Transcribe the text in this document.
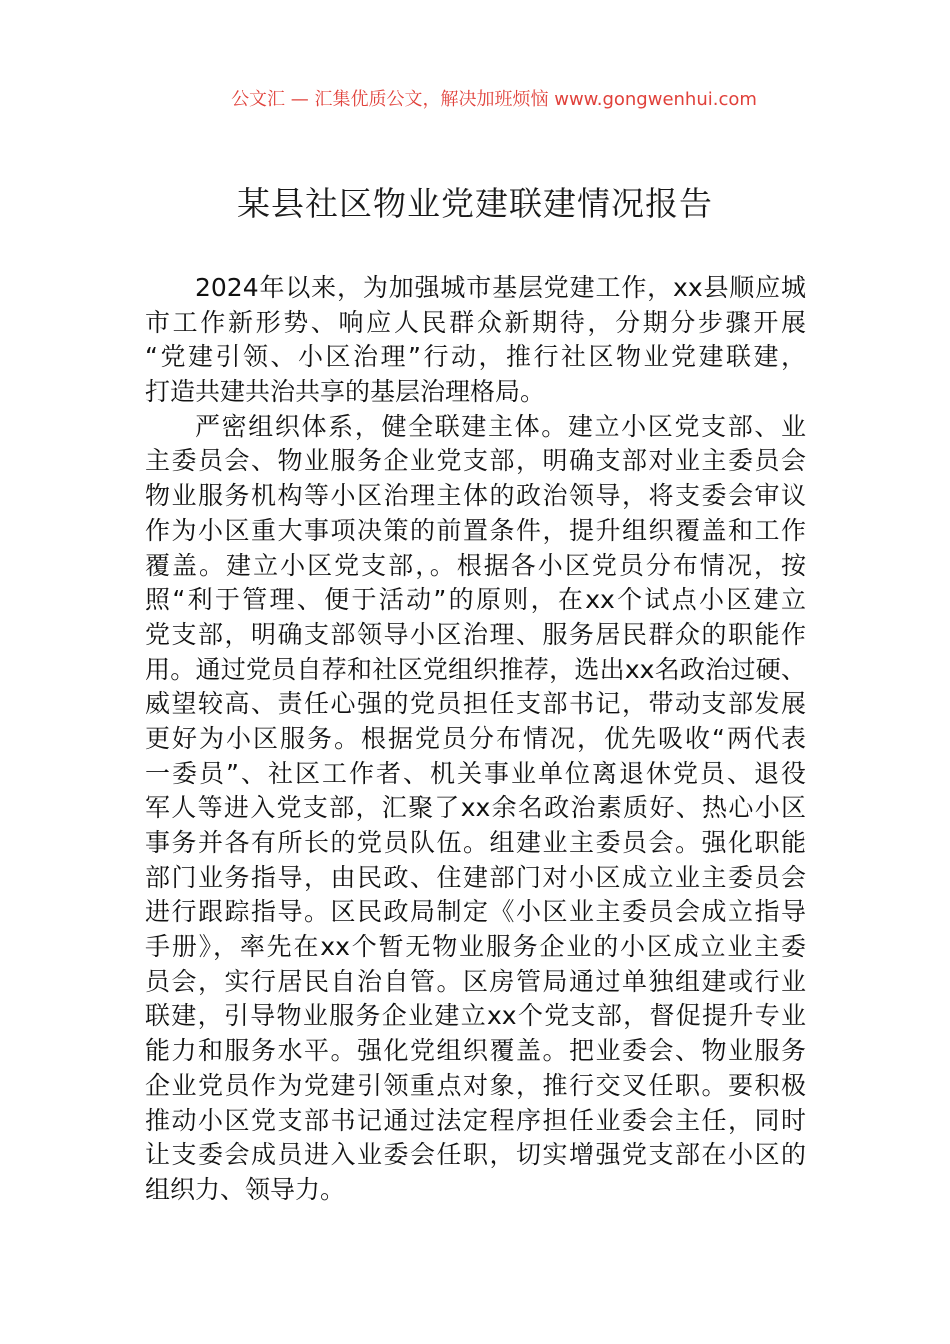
公文汇 — 汇集优质公文，解决加班烦恼 www.gongwenhui.com
某县社区物业党建联建情况报告
2024年以来，为加强城市基层党建工作，xx县顺应城
市工作新形势、响应人民群众新期待，分期分步骤开展
“党建引领、小区治理”行动，推行社区物业党建联建，
打造共建共治共享的基层治理格局。
严密组织体系，健全联建主体。建立小区党支部、业
主委员会、物业服务企业党支部，明确支部对业主委员会
物业服务机构等小区治理主体的政治领导，将支委会审议
作为小区重大事项决策的前置条件，提升组织覆盖和工作
覆盖。建立小区党支部，。根据各小区党员分布情况，按
照“利于管理、便于活动”的原则，在xx个试点小区建立
党支部，明确支部领导小区治理、服务居民群众的职能作
用。通过党员自荐和社区党组织推荐，选出xx名政治过硬、
威望较高、责任心强的党员担任支部书记，带动支部发展
更好为小区服务。根据党员分布情况，优先吸收“两代表
一委员”、社区工作者、机关事业单位离退休党员、退役
军人等进入党支部，汇聚了xx余名政治素质好、热心小区
事务并各有所长的党员队伍。组建业主委员会。强化职能
部门业务指导，由民政、住建部门对小区成立业主委员会
进行跟踪指导。区民政局制定《小区业主委员会成立指导
手册》，率先在xx个暂无物业服务企业的小区成立业主委
员会，实行居民自治自管。区房管局通过单独组建或行业
联建，引导物业服务企业建立xx个党支部，督促提升专业
能力和服务水平。强化党组织覆盖。把业委会、物业服务
企业党员作为党建引领重点对象，推行交叉任职。要积极
推动小区党支部书记通过法定程序担任业委会主任，同时
让支委会成员进入业委会任职，切实增强党支部在小区的
组织力、领导力。
